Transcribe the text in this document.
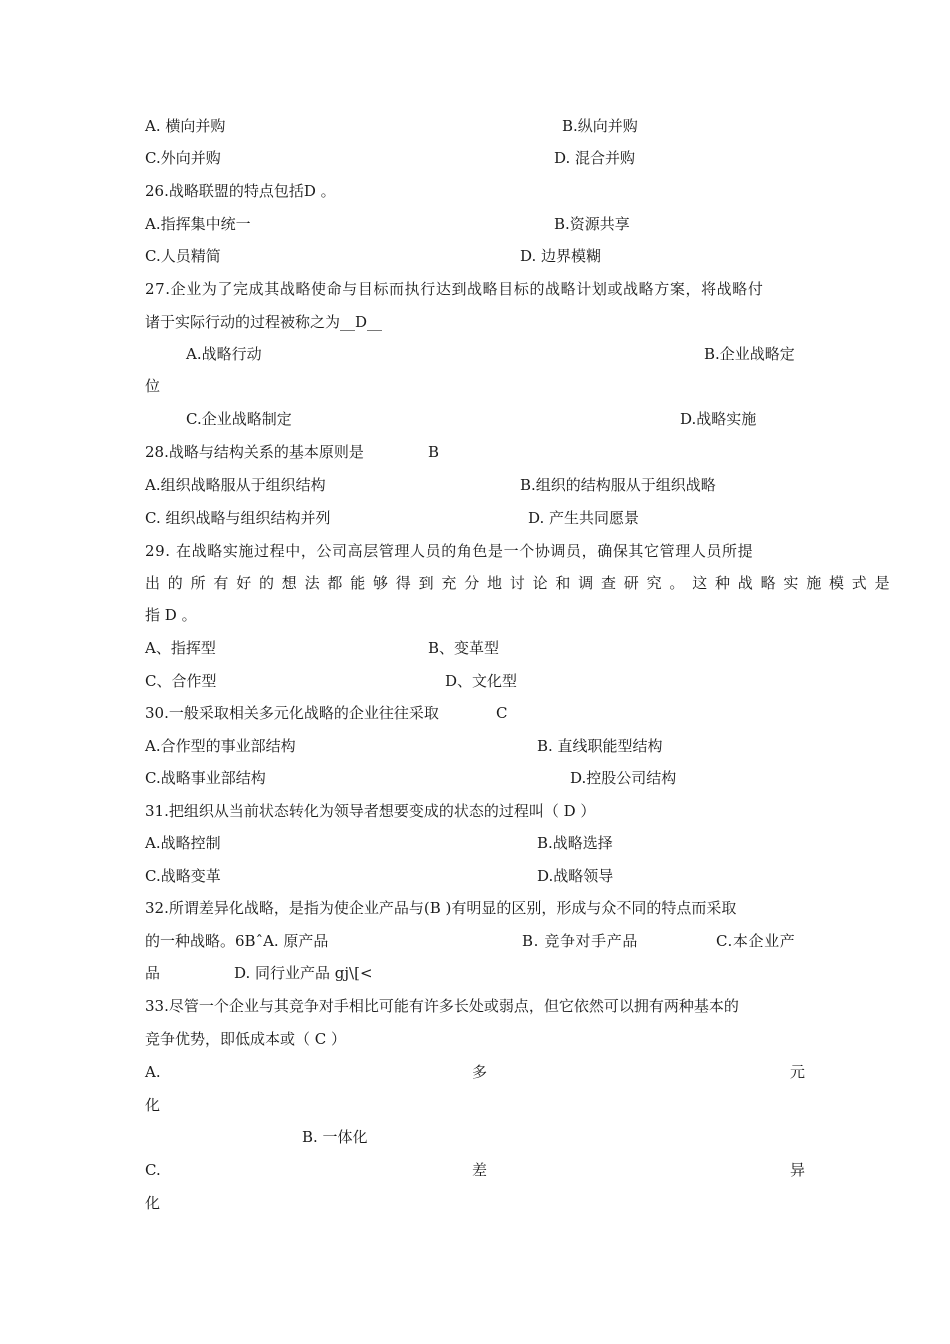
A. 横向并购	B.纵向并购
C.外向并购	D. 混合并购
26.战略联盟的特点包括D 。
A.指挥集中统一	B.资源共享
C.人员精简	D. 边界模糊
27.企业为了完成其战略使命与目标而执行达到战略目标的战略计划或战略方案，将战略付
诸于实际行动的过程被称之为__D__
A.战略行动	B.企业战略定
位
C.企业战略制定	D.战略实施
28.战略与结构关系的基本原则是	B
A.组织战略服从于组织结构	B.组织的结构服从于组织战略
C. 组织战略与组织结构并列	D. 产生共同愿景
29. 在战略实施过程中，公司高层管理人员的角色是一个协调员，确保其它管理人员所提
出的所有好的想法都能够得到充分地讨论和调查研究。这种战略实施模式是
指 D 。
A、指挥型	B、变革型
C、合作型	D、文化型
30.一般采取相关多元化战略的企业往往采取	C
A.合作型的事业部结构	B. 直线职能型结构
C.战略事业部结构	D.控股公司结构
31.把组织从当前状态转化为领导者想要变成的状态的过程叫（ D ）
A.战略控制	B.战略选择
C.战略变革	D.战略领导
32.所谓差异化战略，是指为使企业产品与(B )有明显的区别，形成与众不同的特点而采取
的一种战略。6BˆA. 原产品	B. 竞争对手产品	C.本企业产
品	D. 同行业产品 gj\[<
33.尽管一个企业与其竞争对手相比可能有许多长处或弱点，但它依然可以拥有两种基本的
竞争优势，即低成本或（ C ）
A.	多	元
化
B. 一体化
C.	差	异
化
